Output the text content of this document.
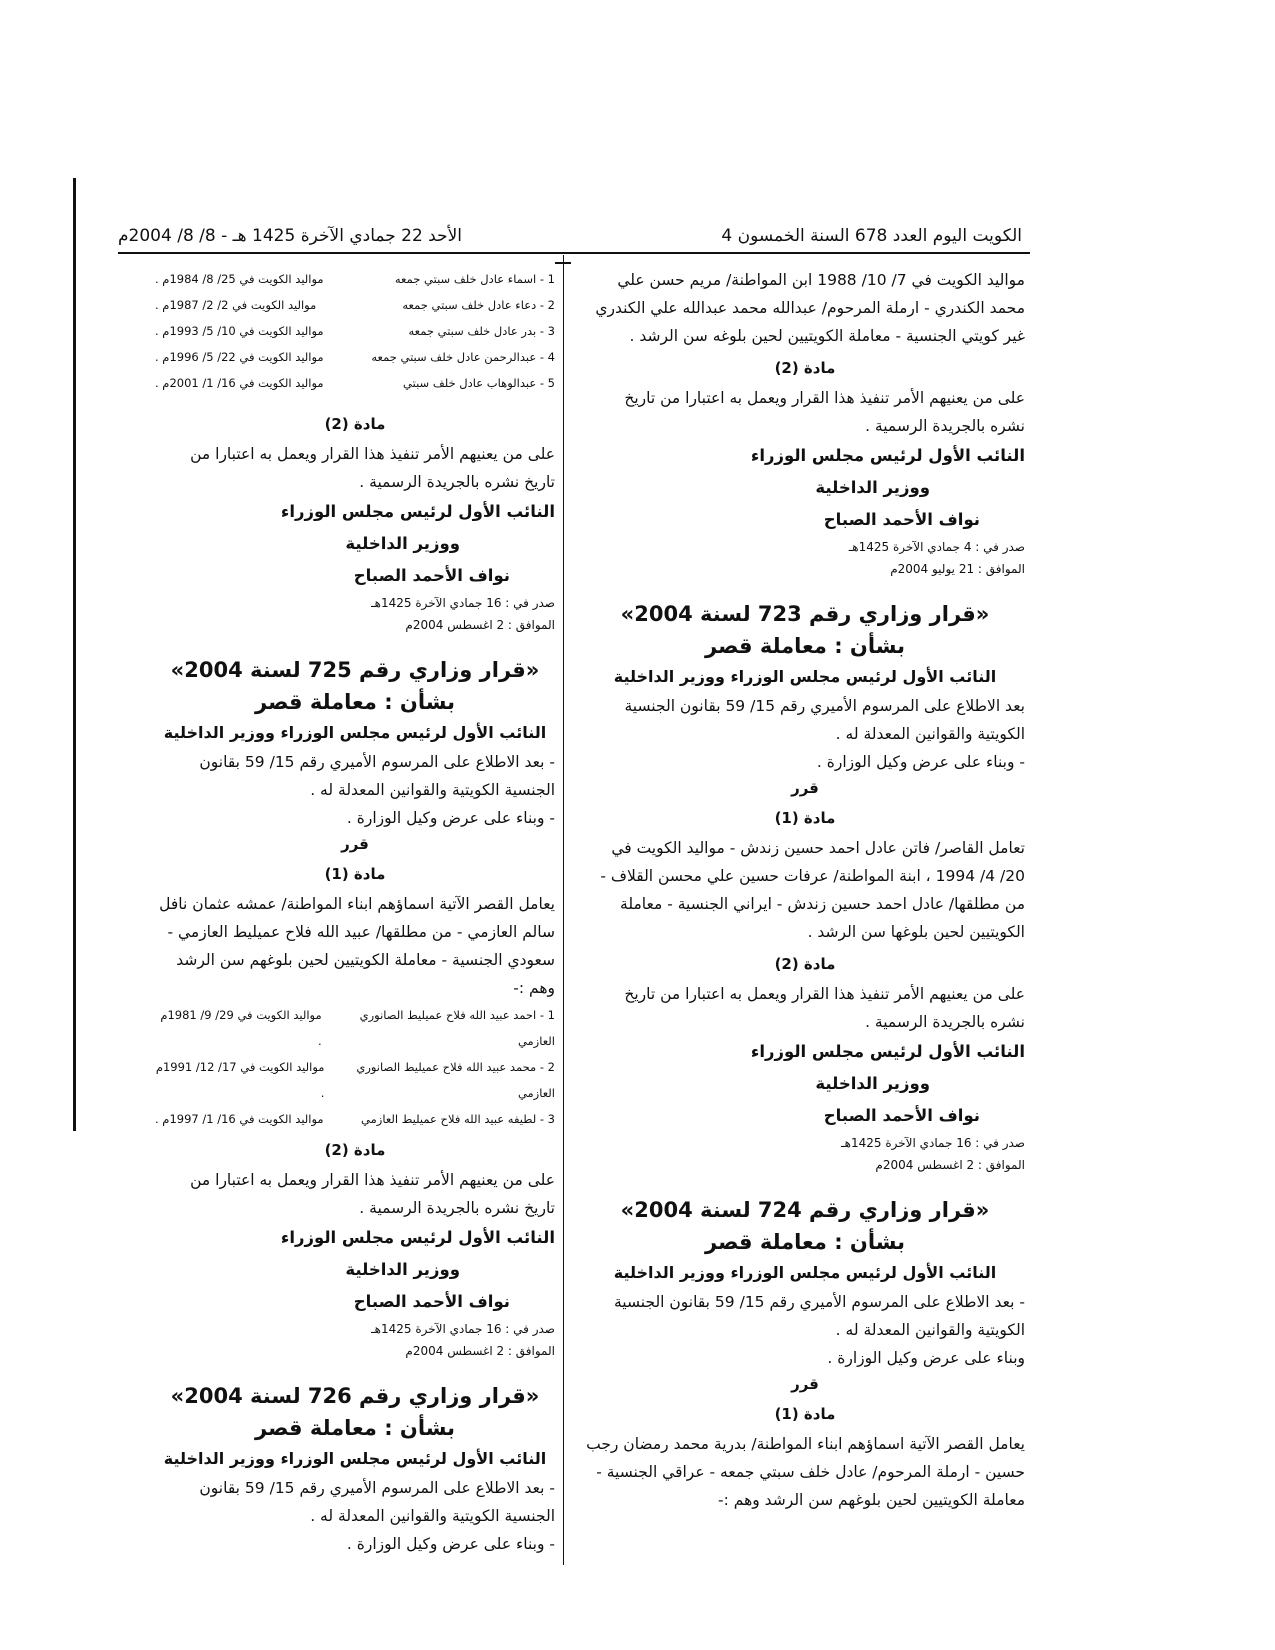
الكويت اليوم العدد 678 السنة الخمسون 4
الأحد 22 جمادي الآخرة 1425 هـ - 8/ 8/ 2004م

مواليد الكويت في 7/ 10/ 1988 ابن المواطنة/ مريم حسن علي محمد الكندري - ارملة المرحوم/ عبدالله محمد عبدالله علي الكندري غير كويتي الجنسية - معاملة الكويتيين لحين بلوغه سن الرشد .

مادة (2)

على من يعنيهم الأمر تنفيذ هذا القرار ويعمل به اعتبارا من تاريخ نشره بالجريدة الرسمية .

النائب الأول لرئيس مجلس الوزراء
ووزير الداخلية
نواف الأحمد الصباح
صدر في : 4 جمادي الآخرة 1425هـ
الموافق : 21 يوليو 2004م
«قرار وزاري رقم 723 لسنة 2004»
بشأن : معاملة قصر
النائب الأول لرئيس مجلس الوزراء ووزير الداخلية

بعد الاطلاع على المرسوم الأميري رقم 15/ 59 بقانون الجنسية الكويتية والقوانين المعدلة له .

- وبناء على عرض وكيل الوزارة .

قرر
مادة (1)

تعامل القاصر/ فاتن عادل احمد حسين زندش - مواليد الكويت في 20/ 4/ 1994 ، ابنة المواطنة/ عرفات حسين علي محسن القلاف - من مطلقها/ عادل احمد حسين زندش - ايراني الجنسية - معاملة الكويتيين لحين بلوغها سن الرشد .

مادة (2)

على من يعنيهم الأمر تنفيذ هذا القرار ويعمل به اعتبارا من تاريخ نشره بالجريدة الرسمية .

النائب الأول لرئيس مجلس الوزراء
ووزير الداخلية
نواف الأحمد الصباح
صدر في : 16 جمادي الآخرة 1425هـ
الموافق : 2 اغسطس 2004م
«قرار وزاري رقم 724 لسنة 2004»
بشأن : معاملة قصر
النائب الأول لرئيس مجلس الوزراء ووزير الداخلية

- بعد الاطلاع على المرسوم الأميري رقم 15/ 59 بقانون الجنسية الكويتية والقوانين المعدلة له .

وبناء على عرض وكيل الوزارة .

قرر
مادة (1)

يعامل القصر الآتية اسماؤهم ابناء المواطنة/ بدرية محمد رمضان رجب حسين - ارملة المرحوم/ عادل خلف سبتي جمعه - عراقي الجنسية - معاملة الكويتيين لحين بلوغهم سن الرشد وهم :-

1 - اسماء عادل خلف سبتي جمعه
مواليد الكويت في 25/ 8/ 1984م .
2 - دعاء عادل خلف سبتي جمعه
مواليد الكويت في 2/ 2/ 1987م .
3 - بدر عادل خلف سبتي جمعه
مواليد الكويت في 10/ 5/ 1993م .
4 - عبدالرحمن عادل خلف سبتي جمعه
مواليد الكويت في 22/ 5/ 1996م .
5 - عبدالوهاب عادل خلف سبتي
مواليد الكويت في 16/ 1/ 2001م .
مادة (2)

على من يعنيهم الأمر تنفيذ هذا القرار ويعمل به اعتبارا من تاريخ نشره بالجريدة الرسمية .

النائب الأول لرئيس مجلس الوزراء
ووزير الداخلية
نواف الأحمد الصباح
صدر في : 16 جمادي الآخرة 1425هـ
الموافق : 2 اغسطس 2004م
«قرار وزاري رقم 725 لسنة 2004»
بشأن : معاملة قصر
النائب الأول لرئيس مجلس الوزراء ووزير الداخلية

- بعد الاطلاع على المرسوم الأميري رقم 15/ 59 بقانون الجنسية الكويتية والقوانين المعدلة له .

- وبناء على عرض وكيل الوزارة .

قرر
مادة (1)

يعامل القصر الآتية اسماؤهم ابناء المواطنة/ عمشه عثمان نافل سالم العازمي - من مطلقها/ عبيد الله فلاح عميليط العازمي - سعودي الجنسية - معاملة الكويتيين لحين بلوغهم سن الرشد وهم :-

1 - احمد عبيد الله فلاح عميليط الصانوري العازمي
مواليد الكويت في 29/ 9/ 1981م .
2 - محمد عبيد الله فلاح عميليط الصانوري العازمي
مواليد الكويت في 17/ 12/ 1991م .
3 - لطيفه عبيد الله فلاح عميليط العازمي
مواليد الكويت في 16/ 1/ 1997م .
مادة (2)

على من يعنيهم الأمر تنفيذ هذا القرار ويعمل به اعتبارا من تاريخ نشره بالجريدة الرسمية .

النائب الأول لرئيس مجلس الوزراء
ووزير الداخلية
نواف الأحمد الصباح
صدر في : 16 جمادي الآخرة 1425هـ
الموافق : 2 اغسطس 2004م
«قرار وزاري رقم 726 لسنة 2004»
بشأن : معاملة قصر
النائب الأول لرئيس مجلس الوزراء ووزير الداخلية

- بعد الاطلاع على المرسوم الأميري رقم 15/ 59 بقانون الجنسية الكويتية والقوانين المعدلة له .

- وبناء على عرض وكيل الوزارة .
